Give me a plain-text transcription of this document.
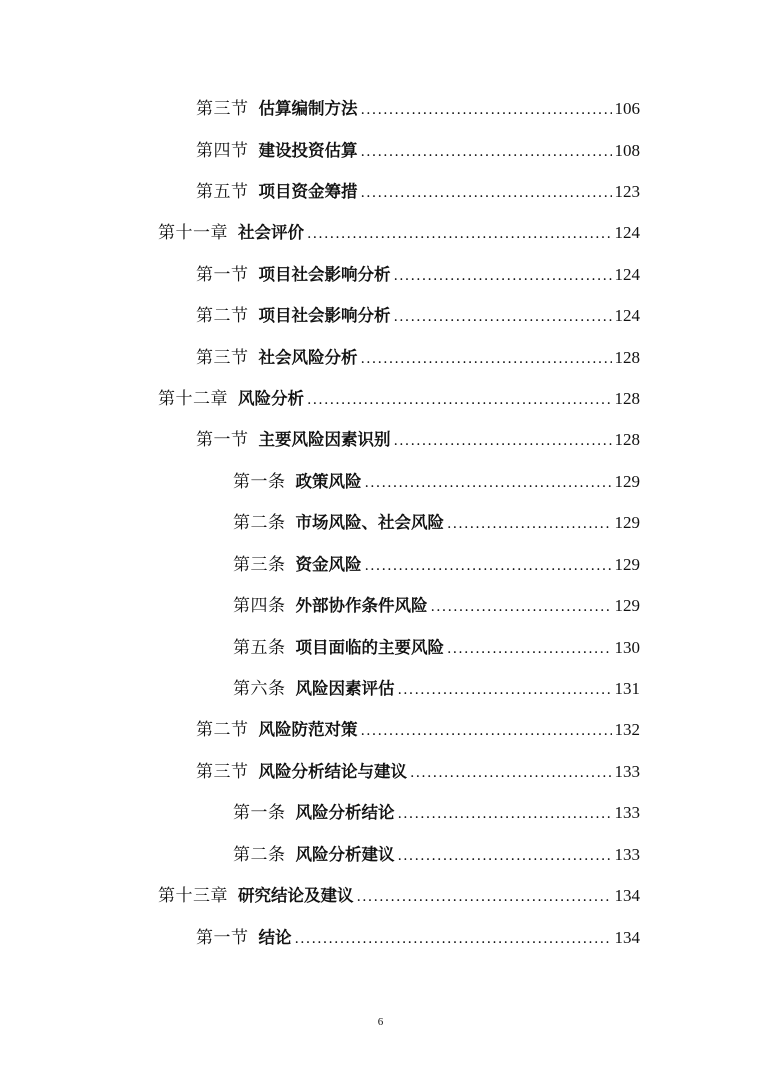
第三节 估算编制方法 .....	106
第四节 建设投资估算 .....	108
第五节 项目资金筹措 .....	123
第十一章 社会评价 .....	124
第一节 项目社会影响分析 .....	124
第二节 项目社会影响分析 .....	124
第三节 社会风险分析 .....	128
第十二章 风险分析 .....	128
第一节 主要风险因素识别 .....	128
第一条 政策风险 .....	129
第二条 市场风险、社会风险 .....	129
第三条 资金风险 .....	129
第四条 外部协作条件风险 .....	129
第五条 项目面临的主要风险 .....	130
第六条 风险因素评估 .....	131
第二节 风险防范对策 .....	132
第三节 风险分析结论与建议 .....	133
第一条 风险分析结论 .....	133
第二条 风险分析建议 .....	133
第十三章 研究结论及建议 .....	134
第一节 结论 .....	134
6
